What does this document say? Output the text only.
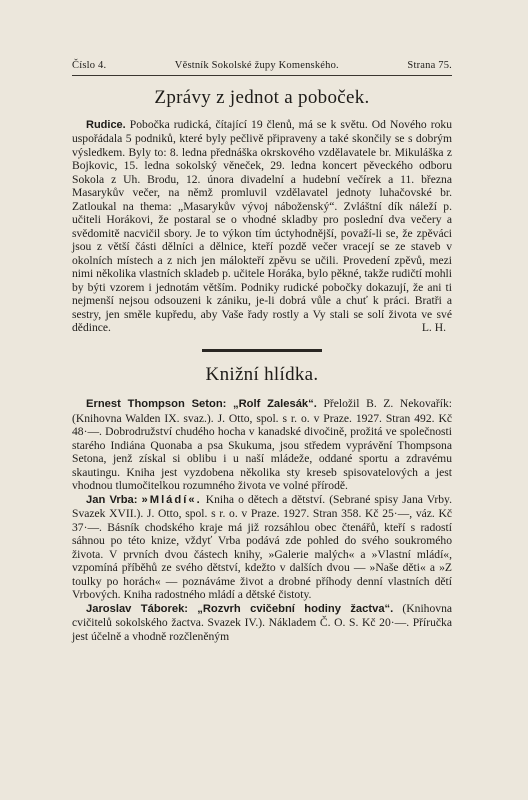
Číslo 4.	Věstník Sokolské župy Komenského.	Strana 75.
Zprávy z jednot a poboček.

Rudice. Pobočka rudická, čítající 19 členů, má se k světu. Od Nového roku uspořádala 5 podniků, které byly pečlivě připraveny a také skončily se s dobrým výsledkem. Byly to: 8. ledna přednáška okrskového vzdělavatele br. Mikuláška z Bojkovic, 15. ledna sokolský věneček, 29. ledna koncert pěveckého odboru Sokola z Uh. Brodu, 12. února divadelní a hudební večírek a 11. března Masarykův večer, na němž promluvil vzdělavatel jednoty luhačovské br. Zatloukal na thema: „Masarykův vývoj náboženský“. Zvláštní dík náleží p. učiteli Horákovi, že postaral se o vhodné skladby pro poslední dva večery a svědomitě nacvičil sbory. Je to výkon tím úctyhodnější, považí-li se, že zpěváci jsou z větší části dělníci a dělnice, kteří pozdě večer vracejí se ze staveb v okolních místech a z nich jen málokteří zpěvu se učili. Provedení zpěvů, mezi nimi několika vlastních skladeb p. učitele Horáka, bylo pěkné, takže rudičtí mohli by býti vzorem i jednotám větším. Podniky rudické pobočky dokazují, že ani ti nejmenší nejsou odsouzeni k zániku, je-li dobrá vůle a chuť k práci. Bratři a sestry, jen směle kupředu, aby Vaše řady rostly a Vy stali se solí života ve své dědince.	L. H.

Knižní hlídka.

Ernest Thompson Seton: „Rolf Zalesák“. Přeložil B. Z. Nekovařík: (Knihovna Walden IX. svaz.). J. Otto, spol. s r. o. v Praze. 1927. Stran 492. Kč 48·—. Dobrodružství chudého hocha v kanadské divočině, prožitá ve společnosti starého Indiána Quonaba a psa Skukuma, jsou středem vyprávění Thompsona Setona, jenž získal si oblibu i u naší mládeže, oddané sportu a zdravému skautingu. Kniha jest vyzdobena několika sty kreseb spisovatelových a jest vhodnou tlumočitelkou rozumného života ve volné přírodě.

Jan Vrba: »Mládí«. Kniha o dětech a dětství. (Sebrané spisy Jana Vrby. Svazek XVII.). J. Otto, spol. s r. o. v Praze. 1927. Stran 358. Kč 25·—, váz. Kč 37·—. Básník chodského kraje má již rozsáhlou obec čtenářů, kteří s radostí sáhnou po této knize, vždyť Vrba podává zde pohled do svého soukromého života. V prvních dvou částech knihy, »Galerie malých« a »Vlastní mládí«, vzpomíná příběhů ze svého dětství, kdežto v dalších dvou — »Naše děti« a »Z toulky po horách« — poznáváme život a drobné příhody denní vlastních dětí Vrbových. Kniha radostného mládí a dětské čistoty.

Jaroslav Táborek: „Rozvrh cvičební hodiny žactva“. (Knihovna cvičitelů sokolského žactva. Svazek IV.). Nákladem Č. O. S. Kč 20·—. Příručka jest účelně a vhodně rozčleněným
